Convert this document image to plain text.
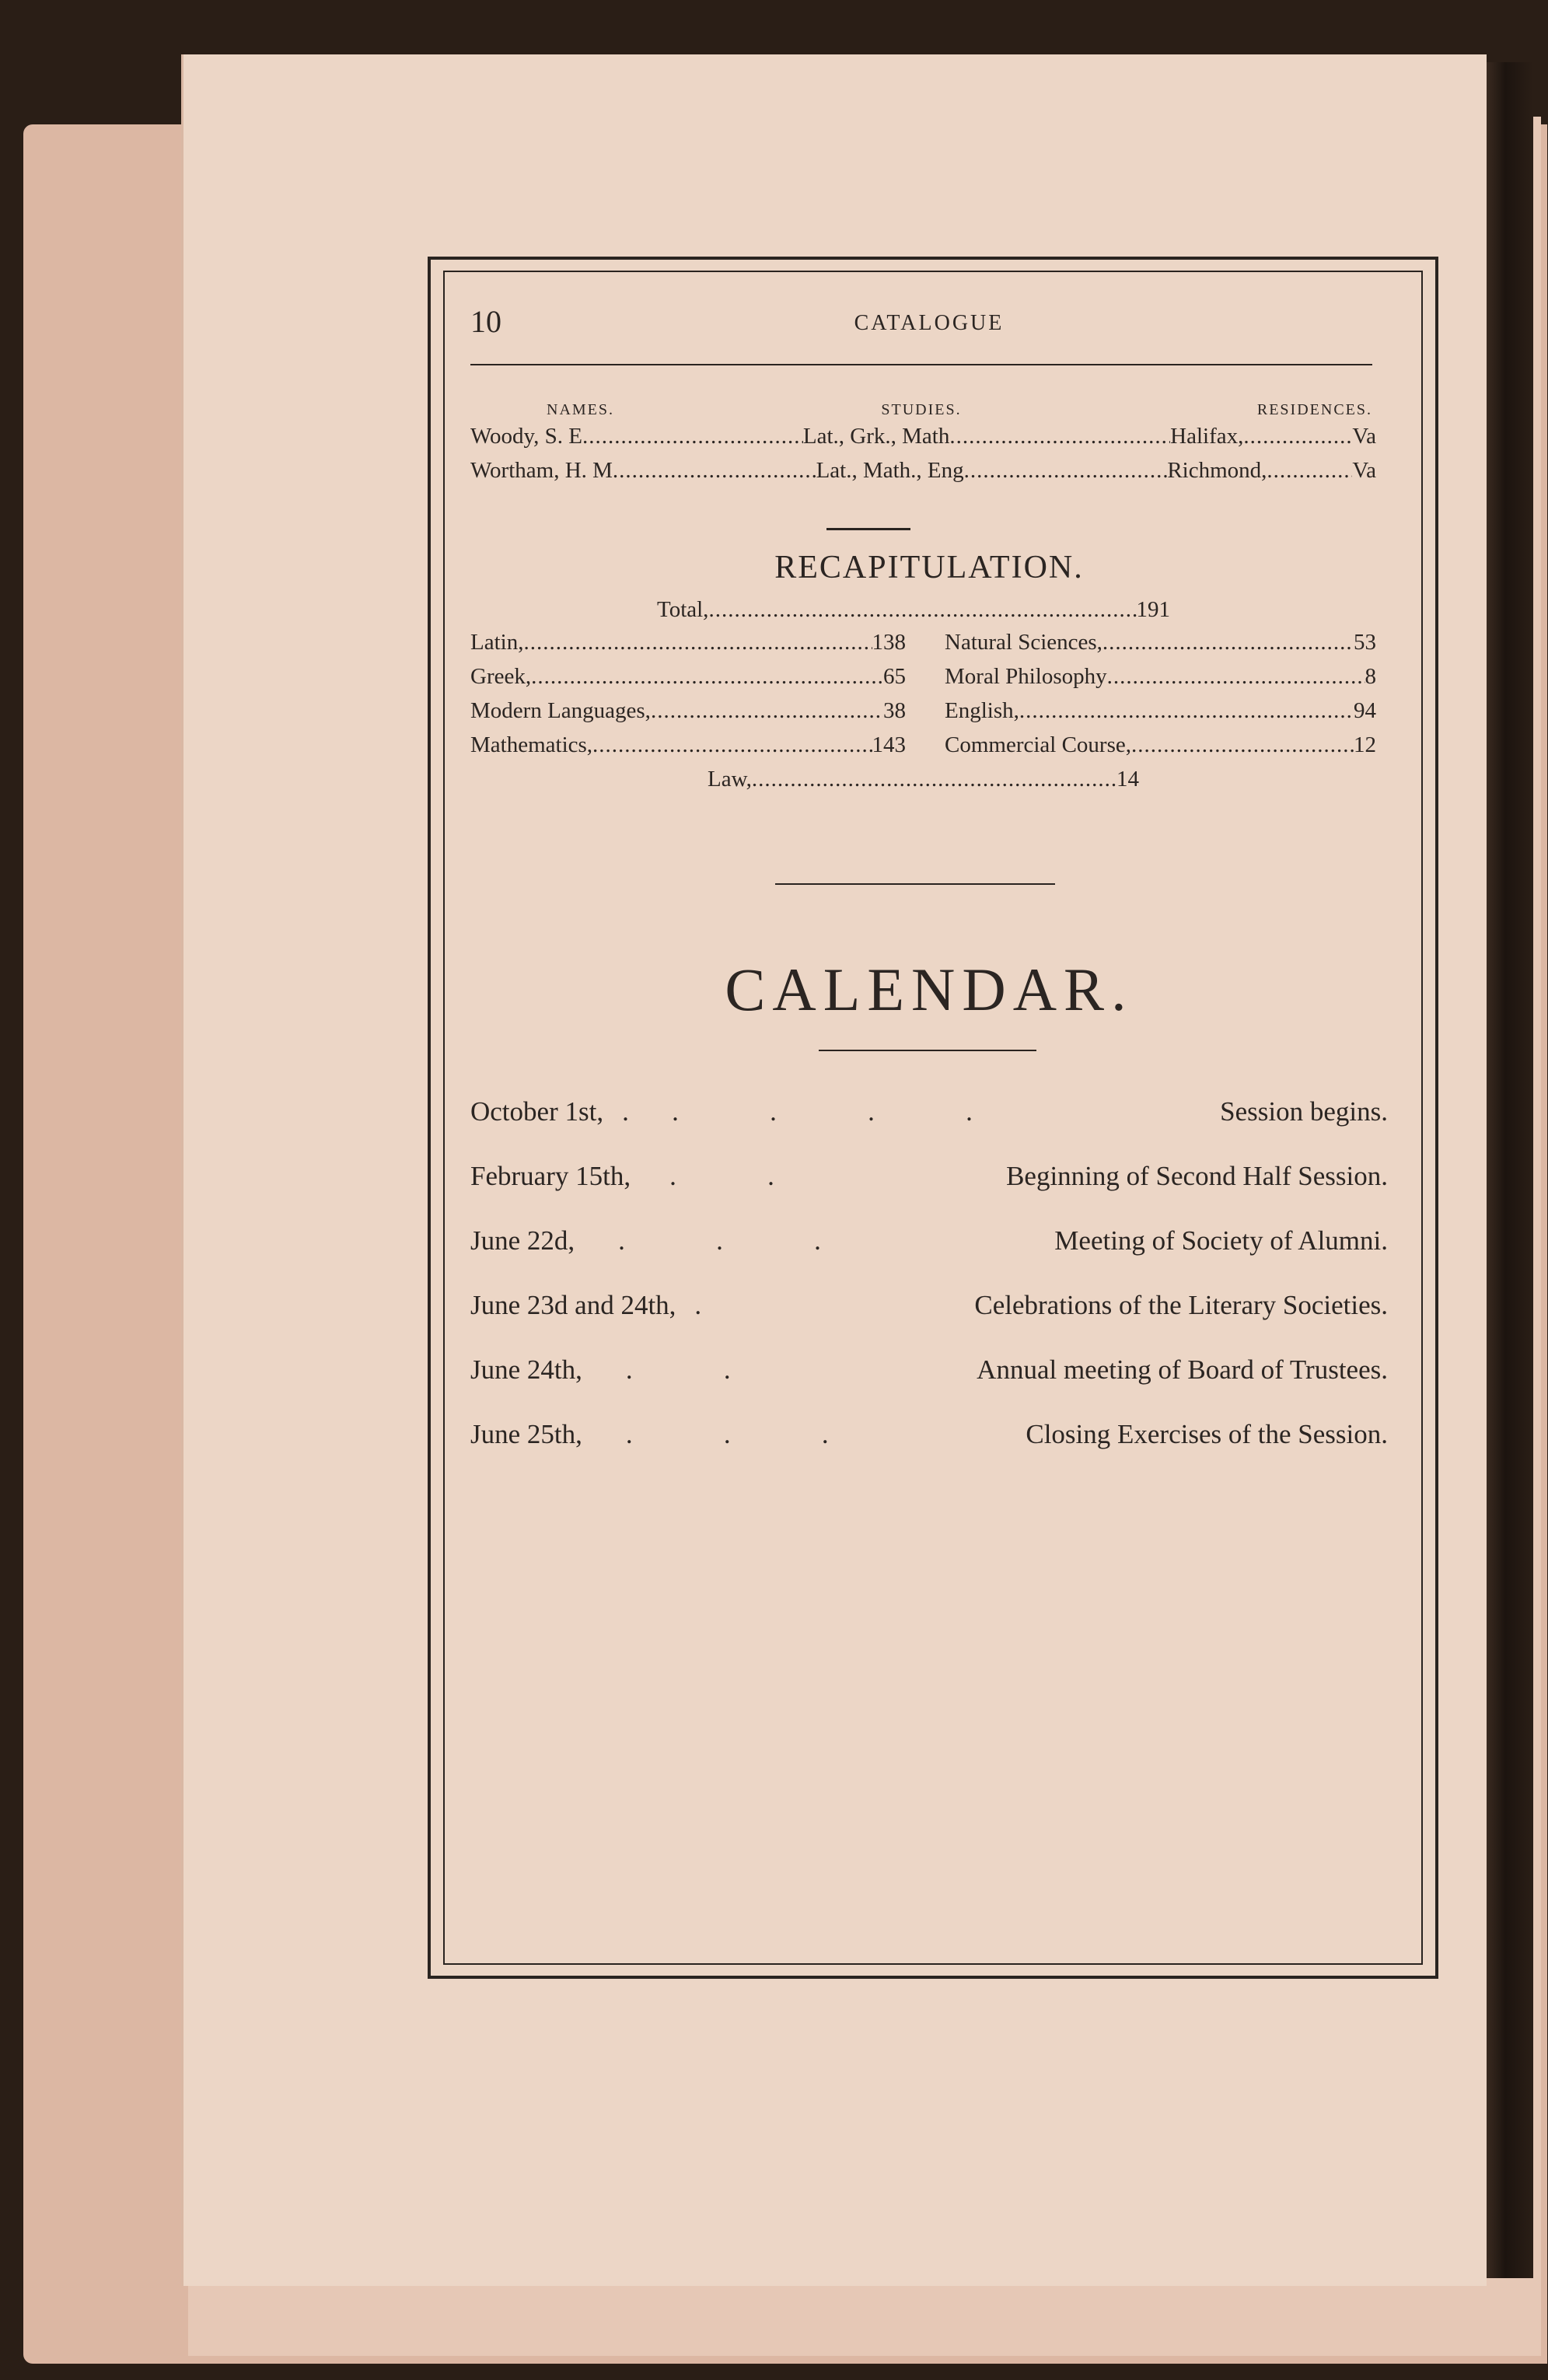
10	CATALOGUE
NAMES.	STUDIES.	RESIDENCES.
Woody, S. E .....	Lat., Grk., Math .....	Halifax, .....	Va
Wortham, H. M .....	Lat., Math., Eng .....	Richmond, .....	Va
RECAPITULATION.
Total, .....	191
Latin, .....	138
Greek, .....	65
Modern Languages, .....	38
Mathematics, .....	143
Natural Sciences, .....	53
Moral Philosophy .....	8
English, .....	94
Commercial Course, .....	12
Law, .....	14
CALENDAR.
October 1st, .	.	.	.	.	Session begins.
February 15th, .	.	Beginning of Second Half Session.
June 22d, .	.	.	Meeting of Society of Alumni.
June 23d and 24th, .	Celebrations of the Literary Societies.
June 24th, .	.	Annual meeting of Board of Trustees.
June 25th, .	.	.	Closing Exercises of the Session.
